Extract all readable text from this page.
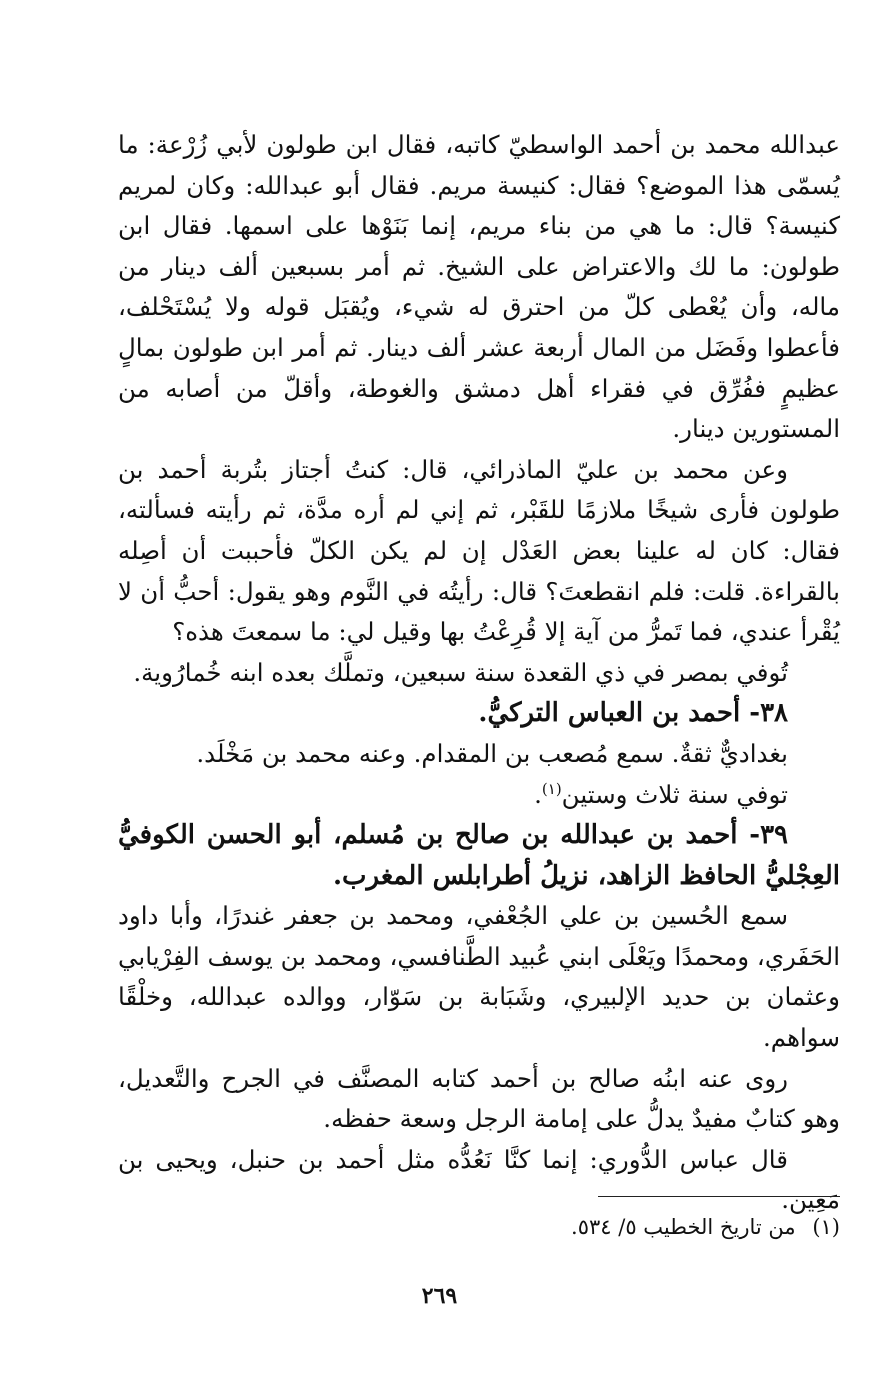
عبدالله محمد بن أحمد الواسطيّ كاتبه، فقال ابن طولون لأبي زُرْعة: ما يُسمّى هذا الموضع؟ فقال: كنيسة مريم. فقال أبو عبدالله: وكان لمريم كنيسة؟ قال: ما هي من بناء مريم، إنما بَنَوْها على اسمها. فقال ابن طولون: ما لك والاعتراض على الشيخ. ثم أمر بسبعين ألف دينار من ماله، وأن يُعْطى كلّ من احترق له شيء، ويُقبَل قوله ولا يُسْتَحْلف، فأعطوا وفَضَل من المال أربعة عشر ألف دينار. ثم أمر ابن طولون بمالٍ عظيمٍ ففُرِّق في فقراء أهل دمشق والغوطة، وأقلّ من أصابه من المستورين دينار.

وعن محمد بن عليّ الماذرائي، قال: كنتُ أجتاز بتُربة أحمد بن طولون فأرى شيخًا ملازمًا للقَبْر، ثم إني لم أره مدَّة، ثم رأيته فسألته، فقال: كان له علينا بعض العَدْل إن لم يكن الكلّ فأحببت أن أصِله بالقراءة. قلت: فلم انقطعتَ؟ قال: رأيتُه في النَّوم وهو يقول: أحبُّ أن لا يُقْرأ عندي، فما تَمرُّ من آية إلا قُرِعْتُ بها وقيل لي: ما سمعتَ هذه؟

تُوفي بمصر في ذي القعدة سنة سبعين، وتملَّك بعده ابنه خُمارُوية.

٣٨- أحمد بن العباس التركيُّ.

بغداديٌّ ثقةٌ. سمع مُصعب بن المقدام. وعنه محمد بن مَخْلَد.

توفي سنة ثلاث وستين$^{(١)}$.

٣٩- أحمد بن عبدالله بن صالح بن مُسلم، أبو الحسن الكوفيُّ العِجْليُّ الحافظ الزاهد، نزيلُ أطرابلس المغرب.

سمع الحُسين بن علي الجُعْفي، ومحمد بن جعفر غندرًا، وأبا داود الحَفَري، ومحمدًا ويَعْلَى ابني عُبيد الطَّنافسي، ومحمد بن يوسف الفِرْيابي وعثمان بن حديد الإلبيري، وشَبَابة بن سَوّار، ووالده عبدالله، وخلْقًا سواهم.

روى عنه ابنُه صالح بن أحمد كتابه المصنَّف في الجرح والتَّعديل، وهو كتابٌ مفيدٌ يدلُّ على إمامة الرجل وسعة حفظه.

قال عباس الدُّوري: إنما كنَّا نَعُدُّه مثل أحمد بن حنبل، ويحيى بن مَعِين.

(١) من تاريخ الخطيب ٥/ ٥٣٤.
٢٦٩
